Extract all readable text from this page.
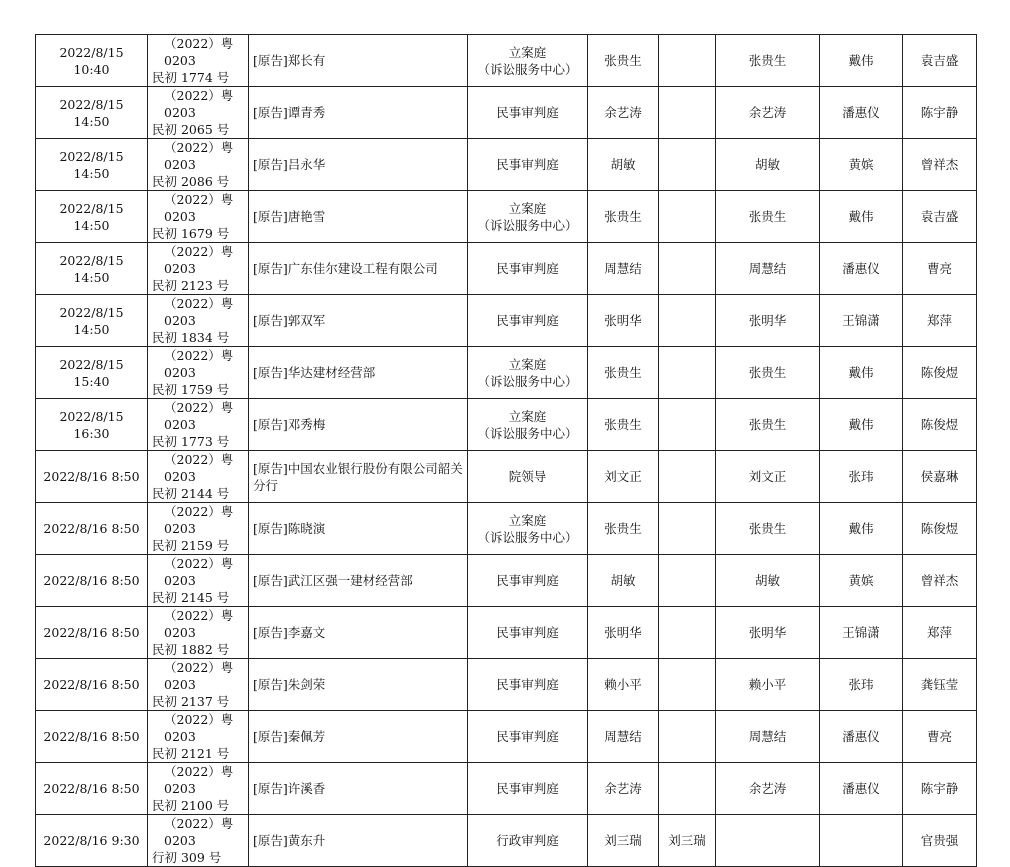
2022/8/15 10:40	（2022）粤 0203
民初 1774 号	[原告]郑长有	立案庭
（诉讼服务中心）	张贵生		张贵生	戴伟	袁吉盛
2022/8/15 14:50	（2022）粤 0203
民初 2065 号	[原告]谭青秀	民事审判庭	余艺涛		余艺涛	潘惠仪	陈宇静
2022/8/15 14:50	（2022）粤 0203
民初 2086 号	[原告]吕永华	民事审判庭	胡敏		胡敏	黄嫔	曾祥杰
2022/8/15 14:50	（2022）粤 0203
民初 1679 号	[原告]唐艳雪	立案庭
（诉讼服务中心）	张贵生		张贵生	戴伟	袁吉盛
2022/8/15 14:50	（2022）粤 0203
民初 2123 号	[原告]广东佳尔建设工程有限公司	民事审判庭	周慧结		周慧结	潘惠仪	曹亮
2022/8/15 14:50	（2022）粤 0203
民初 1834 号	[原告]郭双军	民事审判庭	张明华		张明华	王锦潇	郑萍
2022/8/15 15:40	（2022）粤 0203
民初 1759 号	[原告]华达建材经营部	立案庭
（诉讼服务中心）	张贵生		张贵生	戴伟	陈俊煜
2022/8/15 16:30	（2022）粤 0203
民初 1773 号	[原告]邓秀梅	立案庭
（诉讼服务中心）	张贵生		张贵生	戴伟	陈俊煜
2022/8/16 8:50	（2022）粤 0203
民初 2144 号	[原告]中国农业银行股份有限公司韶关分行	院领导	刘文正		刘文正	张玮	侯嘉琳
2022/8/16 8:50	（2022）粤 0203
民初 2159 号	[原告]陈晓演	立案庭
（诉讼服务中心）	张贵生		张贵生	戴伟	陈俊煜
2022/8/16 8:50	（2022）粤 0203
民初 2145 号	[原告]武江区强一建材经营部	民事审判庭	胡敏		胡敏	黄嫔	曾祥杰
2022/8/16 8:50	（2022）粤 0203
民初 1882 号	[原告]李嘉文	民事审判庭	张明华		张明华	王锦潇	郑萍
2022/8/16 8:50	（2022）粤 0203
民初 2137 号	[原告]朱剑荣	民事审判庭	赖小平		赖小平	张玮	龚钰莹
2022/8/16 8:50	（2022）粤 0203
民初 2121 号	[原告]秦佩芳	民事审判庭	周慧结		周慧结	潘惠仪	曹亮
2022/8/16 8:50	（2022）粤 0203
民初 2100 号	[原告]许溪香	民事审判庭	余艺涛		余艺涛	潘惠仪	陈宇静
2022/8/16 9:30	（2022）粤 0203
行初 309 号	[原告]黄东升	行政审判庭	刘三瑞	刘三瑞			官贵强
